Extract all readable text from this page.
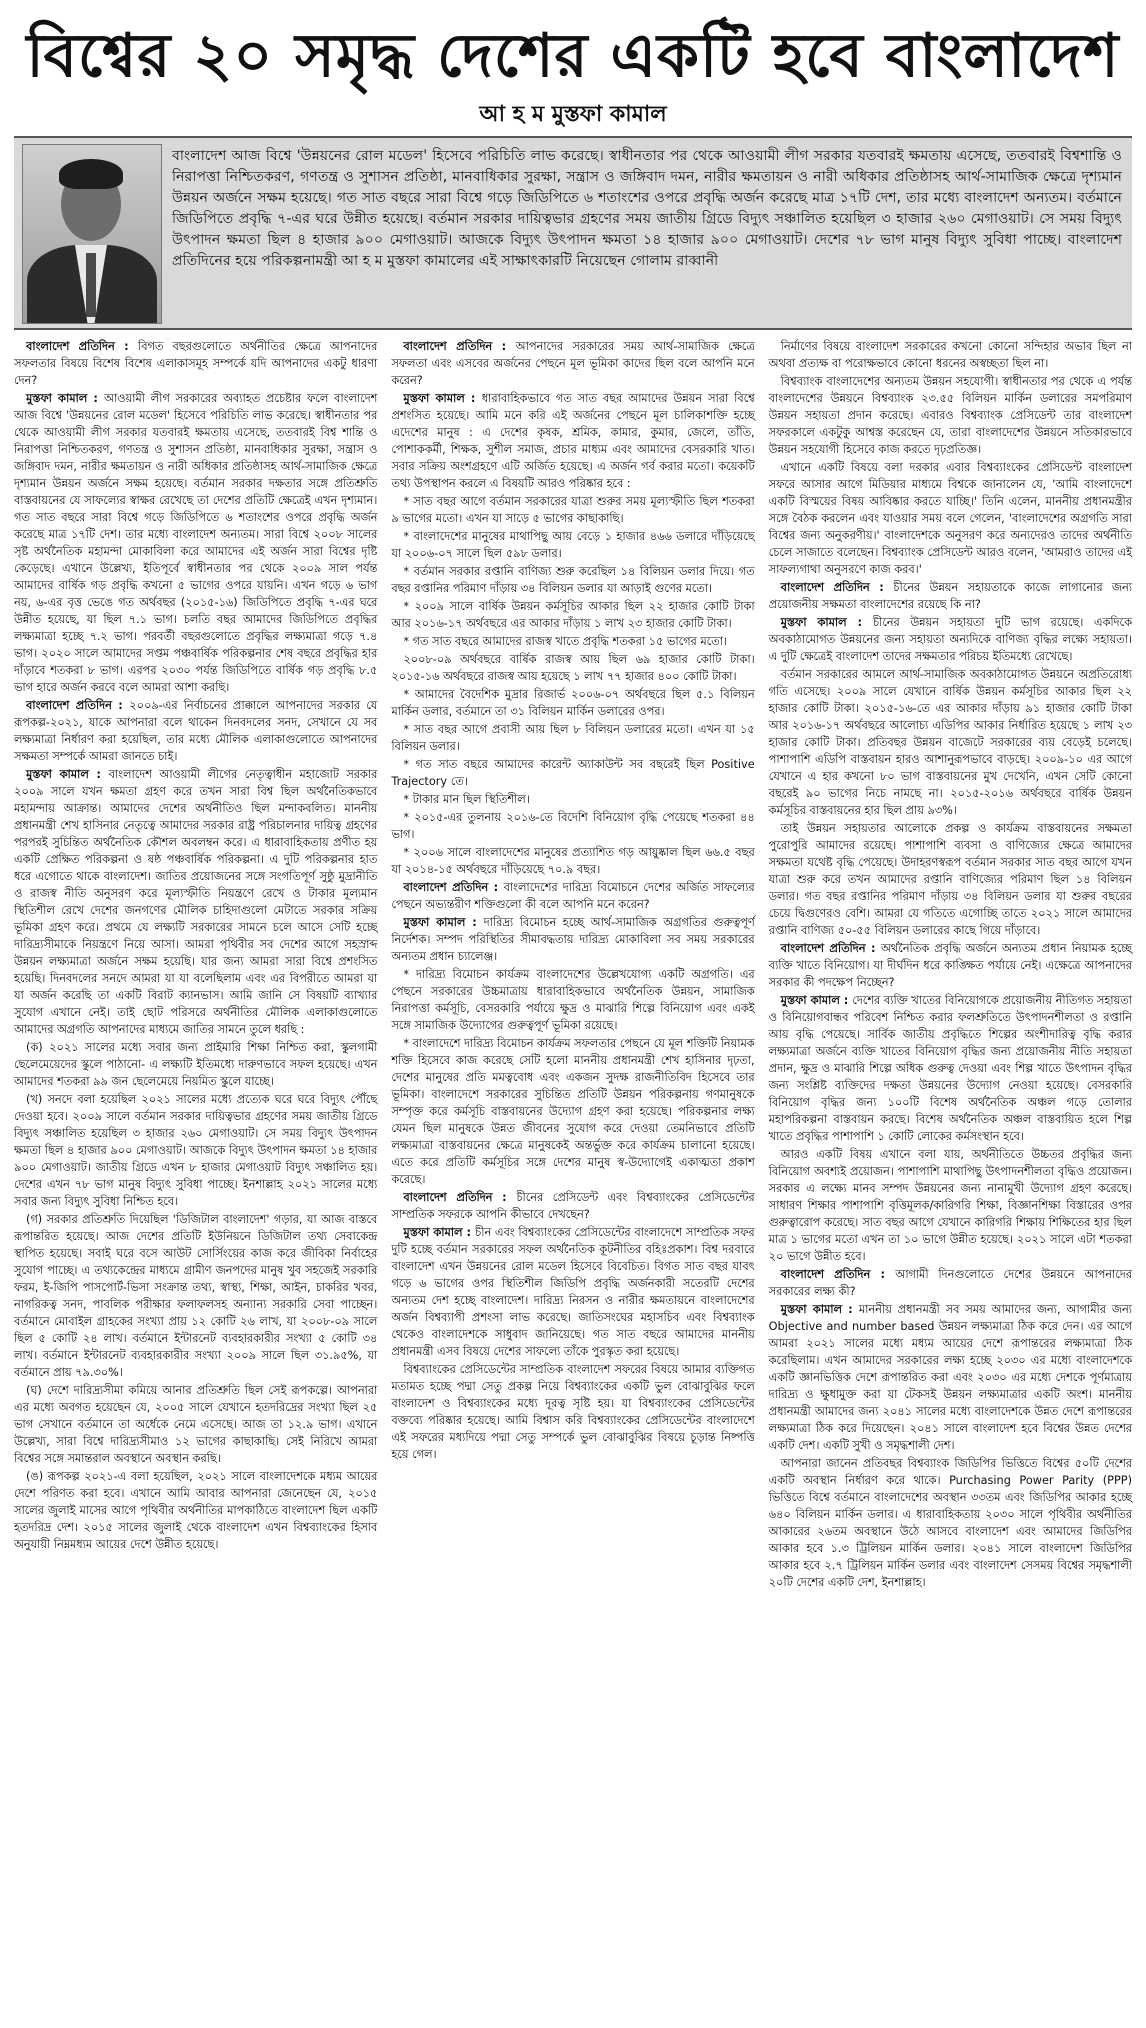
বিশ্বের ২০ সমৃদ্ধ দেশের একটি হবে বাংলাদেশ
আ হ ম মুস্তফা কামাল
বাংলাদেশ আজ বিশ্বে 'উন্নয়নের রোল মডেল' হিসেবে পরিচিতি লাভ করেছে। স্বাধীনতার পর থেকে আওয়ামী লীগ সরকার যতবারই ক্ষমতায় এসেছে, ততবারই বিশ্বশান্তি ও নিরাপত্তা নিশ্চিতকরণ, গণতন্ত্র ও সুশাসন প্রতিষ্ঠা, মানবাধিকার সুরক্ষা, সন্ত্রাস ও জঙ্গিবাদ দমন, নারীর ক্ষমতায়ন ও নারী অধিকার প্রতিষ্ঠাসহ আর্থ-সামাজিক ক্ষেত্রে দৃশ্যমান উন্নয়ন অর্জনে সক্ষম হয়েছে। গত সাত বছরে সারা বিশ্বে গড়ে জিডিপিতে ৬ শতাংশের ওপরে প্রবৃদ্ধি অর্জন করেছে মাত্র ১৭টি দেশ, তার মধ্যে বাংলাদেশ অন্যতম। বর্তমানে জিডিপিতে প্রবৃদ্ধি ৭-এর ঘরে উন্নীত হয়েছে। বর্তমান সরকার দায়িত্বভার গ্রহণের সময় জাতীয় গ্রিডে বিদ্যুৎ সঞ্চালিত হয়েছিল ৩ হাজার ২৬০ মেগাওয়াট। সে সময় বিদ্যুৎ উৎপাদন ক্ষমতা ছিল ৪ হাজার ৯০০ মেগাওয়াট। আজকে বিদ্যুৎ উৎপাদন ক্ষমতা ১৪ হাজার ৯০০ মেগাওয়াট। দেশের ৭৮ ভাগ মানুষ বিদ্যুৎ সুবিধা পাচ্ছে। বাংলাদেশ প্রতিদিনের হয়ে পরিকল্পনামন্ত্রী আ হ ম মুস্তফা কামালের এই সাক্ষাৎকারটি নিয়েছেন গোলাম রাব্বানী

বাংলাদেশ প্রতিদিন : বিগত বছরগুলোতে অর্থনীতির ক্ষেত্রে আপনাদের সফলতার বিষয়ে বিশেষ বিশেষ এলাকাসমূহ সম্পর্কে যদি আপনাদের একটু ধারণা দেন?

মুস্তফা কামাল : আওয়ামী লীগ সরকারের অব্যাহত প্রচেষ্টার ফলে বাংলাদেশ আজ বিশ্বে 'উন্নয়নের রোল মডেল' হিসেবে পরিচিতি লাভ করেছে। স্বাধীনতার পর থেকে আওয়ামী লীগ সরকার যতবারই ক্ষমতায় এসেছে, ততবারই বিশ্ব শান্তি ও নিরাপত্তা নিশ্চিতকরণ, গণতন্ত্র ও সুশাসন প্রতিষ্ঠা, মানবাধিকার সুরক্ষা, সন্ত্রাস ও জঙ্গিবাদ দমন, নারীর ক্ষমতায়ন ও নারী অধিকার প্রতিষ্ঠাসহ আর্থ-সামাজিক ক্ষেত্রে দৃশ্যমান উন্নয়ন অর্জনে সক্ষম হয়েছে। বর্তমান সরকার দক্ষতার সঙ্গে প্রতিশ্রুতি বাস্তবায়নের যে সাফল্যের স্বাক্ষর রেখেছে তা দেশের প্রতিটি ক্ষেত্রেই এখন দৃশ্যমান। গত সাত বছরে সারা বিশ্বে গড়ে জিডিপিতে ৬ শতাংশের ওপরে প্রবৃদ্ধি অর্জন করেছে মাত্র ১৭টি দেশ। তার মধ্যে বাংলাদেশ অন্যতম। সারা বিশ্বে ২০০৮ সালের সৃষ্ট অর্থনৈতিক মহামন্দা মোকাবিলা করে আমাদের এই অর্জন সারা বিশ্বের দৃষ্টি কেড়েছে। এখানে উল্লেখ্য, ইতিপূর্বে স্বাধীনতার পর থেকে ২০০৯ সাল পর্যন্ত আমাদের বার্ষিক গড় প্রবৃদ্ধি কখনো ৫ ভাগের ওপরে যায়নি। এখন গড়ে ৬ ভাগ নয়, ৬-এর বৃত্ত ভেঙে গত অর্থবছর (২০১৫-১৬) জিডিপিতে প্রবৃদ্ধি ৭-এর ঘরে উন্নীত হয়েছে, যা ছিল ৭.১ ভাগ। চলতি বছর আমাদের জিডিপিতে প্রবৃদ্ধির লক্ষ্যমাত্রা হচ্ছে ৭.২ ভাগ। পরবর্তী বছরগুলোতে প্রবৃদ্ধির লক্ষ্যমাত্রা গড়ে ৭.৪ ভাগ। ২০২০ সালে আমাদের সপ্তম পঞ্চবার্ষিক পরিকল্পনার শেষ বছরে প্রবৃদ্ধির হার দাঁড়াবে শতকরা ৮ ভাগ। এরপর ২০৩০ পর্যন্ত জিডিপিতে বার্ষিক গড় প্রবৃদ্ধি ৮.৫ ভাগ হারে অর্জন করবে বলে আমরা আশা করছি।

বাংলাদেশ প্রতিদিন : ২০০৯-এর নির্বাচনের প্রাক্কালে আপনাদের সরকার যে রূপকল্প-২০২১, যাকে আপনারা বলে থাকেন দিনবদলের সনদ, সেখানে যে সব লক্ষ্যমাত্রা নির্ধারণ করা হয়েছিল, তার মধ্যে মৌলিক এলাকাগুলোতে আপনাদের সক্ষমতা সম্পর্কে আমরা জানতে চাই।

মুস্তফা কামাল : বাংলাদেশ আওয়ামী লীগের নেতৃত্বাধীন মহাজোট সরকার ২০০৯ সালে যখন ক্ষমতা গ্রহণ করে তখন সারা বিশ্ব ছিল অর্থনৈতিকভাবে মহামন্দায় আক্রান্ত। আমাদের দেশের অর্থনীতিও ছিল মন্দাকবলিত। মাননীয় প্রধানমন্ত্রী শেখ হাসিনার নেতৃত্বে আমাদের সরকার রাষ্ট্র পরিচালনার দায়িত্ব গ্রহণের পরপরই সুচিন্তিত অর্থনৈতিক কৌশল অবলম্বন করে। এ ধারাবাহিকতায় প্রণীত হয় একটি প্রেক্ষিত পরিকল্পনা ও ষষ্ঠ পঞ্চবার্ষিক পরিকল্পনা। এ দুটি পরিকল্পনার হাত ধরে এগোতে থাকে বাংলাদেশ। জাতির প্রয়োজনের সঙ্গে সংগতিপূর্ণ সুষ্ঠু মুদ্রানীতি ও রাজস্ব নীতি অনুসরণ করে মূল্যস্ফীতি নিয়ন্ত্রণে রেখে ও টাকার মূল্যমান স্থিতিশীল রেখে দেশের জনগণের মৌলিক চাহিদাগুলো মেটাতে সরকার সক্রিয় ভূমিকা গ্রহণ করে। প্রথমে যে লক্ষ্যটি সরকারের সামনে চলে আসে সেটি হচ্ছে দারিদ্র্যসীমাকে নিয়ন্ত্রণে নিয়ে আসা। আমরা পৃথিবীর সব দেশের আগে সহস্রাব্দ উন্নয়ন লক্ষ্যমাত্রা অর্জনে সক্ষম হয়েছি। যার জন্য আমরা সারা বিশ্বে প্রশংসিত হয়েছি। দিনবদলের সনদে আমরা যা যা বলেছিলাম এবং এর বিপরীতে আমরা যা যা অর্জন করেছি তা একটি বিরাট ক্যানভাস। আমি জানি সে বিষয়টি ব্যাখ্যার সুযোগ এখানে নেই। তাই ছোট পরিসরে অর্থনীতির মৌলিক এলাকাগুলোতে আমাদের অগ্রগতি আপনাদের মাধ্যমে জাতির সামনে তুলে ধরছি :

(ক) ২০২১ সালের মধ্যে সবার জন্য প্রাইমারি শিক্ষা নিশ্চিত করা, স্কুলগামী ছেলেমেয়েদের স্কুলে পাঠানো- এ লক্ষ্যটি ইতিমধ্যে দারুণভাবে সফল হয়েছে। এখন আমাদের শতকরা ৯৯ জন ছেলেমেয়ে নিয়মিত স্কুলে যাচ্ছে।

(খ) সনদে বলা হয়েছিল ২০২১ সালের মধ্যে প্রত্যেক ঘরে ঘরে বিদ্যুৎ পৌঁছে দেওয়া হবে। ২০০৯ সালে বর্তমান সরকার দায়িত্বভার গ্রহণের সময় জাতীয় গ্রিডে বিদ্যুৎ সঞ্চালিত হয়েছিল ৩ হাজার ২৬০ মেগাওয়াট। সে সময় বিদ্যুৎ উৎপাদন ক্ষমতা ছিল ৪ হাজার ৯০০ মেগাওয়াট। আজকে বিদ্যুৎ উৎপাদন ক্ষমতা ১৪ হাজার ৯০০ মেগাওয়াট। জাতীয় গ্রিডে এখন ৮ হাজার মেগাওয়াট বিদ্যুৎ সঞ্চালিত হয়। দেশের এখন ৭৮ ভাগ মানুষ বিদ্যুৎ সুবিধা পাচ্ছে। ইনশাল্লাহ ২০২১ সালের মধ্যে সবার জন্য বিদ্যুৎ সুবিধা নিশ্চিত হবে।

(গ) সরকার প্রতিশ্রুতি দিয়েছিল 'ডিজিটাল বাংলাদেশ' গড়ার, যা আজ বাস্তবে রূপান্তরিত হয়েছে। আজ দেশের প্রতিটি ইউনিয়নে ডিজিটাল তথ্য সেবাকেন্দ্র স্থাপিত হয়েছে। সবাই ঘরে বসে আউট সোর্সিংয়ের কাজ করে জীবিকা নির্বাহের সুযোগ পাচ্ছে। এ তথ্যকেন্দ্রের মাধ্যমে গ্রামীণ জনপদের মানুষ খুব সহজেই সরকারি ফরম, ই-জিপি পাসপোর্ট-ভিসা সংক্রান্ত তথ্য, স্বাস্থ্য, শিক্ষা, আইন, চাকরির খবর, নাগরিকত্ব সনদ, পাবলিক পরীক্ষার ফলাফলসহ অন্যান্য সরকারি সেবা পাচ্ছেন। বর্তমানে মোবাইল গ্রাহকের সংখ্যা প্রায় ১২ কোটি ২৬ লাখ, যা ২০০৮-০৯ সালে ছিল ৫ কোটি ২৪ লাখ। বর্তমানে ইন্টারনেট ব্যবহারকারীর সংখ্যা ৫ কোটি ৩৪ লাখ। বর্তমানে ইন্টারনেট ব্যবহারকারীর সংখ্যা ২০০৯ সালে ছিল ৩১.৯৫%, যা বর্তমানে প্রায় ৭৯.৩০%।

(ঘ) দেশে দারিদ্র্যসীমা কমিয়ে আনার প্রতিশ্রুতি ছিল সেই রূপকল্পে। আপনারা এর মধ্যে অবগত হয়েছেন যে, ২০০৫ সালে যেখানে হতদরিদ্রের সংখ্যা ছিল ২৫ ভাগ সেখানে বর্তমানে তা অর্ধেকে নেমে এসেছে। আজ তা ১২.৯ ভাগ। এখানে উল্লেখ্য, সারা বিশ্বে দারিদ্র্যসীমাও ১২ ভাগের কাছাকাছি। সেই নিরিখে আমরা বিশ্বের সঙ্গে সমান্তরাল অবস্থানে অবস্থান করছি।

(ঙ) রূপকল্প ২০২১-এ বলা হয়েছিল, ২০২১ সালে বাংলাদেশকে মধ্যম আয়ের দেশে পরিণত করা হবে। এখানে আমি আবার আপনারা জেনেছেন যে, ২০১৫ সালের জুলাই মাসের আগে পৃথিবীর অর্থনীতির মাপকাঠিতে বাংলাদেশ ছিল একটি হতদরিদ্র দেশ। ২০১৫ সালের জুলাই থেকে বাংলাদেশ এখন বিশ্বব্যাংকের হিসাব অনুযায়ী নিম্নমধ্যম আয়ের দেশে উন্নীত হয়েছে।

বাংলাদেশ প্রতিদিন : আপনাদের সরকারের সময় আর্থ-সামাজিক ক্ষেত্রে সফলতা এবং এসবের অর্জনের পেছনে মূল ভূমিকা কাদের ছিল বলে আপনি মনে করেন?

মুস্তফা কামাল : ধারাবাহিকভাবে গত সাত বছর আমাদের উন্নয়ন সারা বিশ্বে প্রশংসিত হয়েছে। আমি মনে করি এই অর্জনের পেছনে মূল চালিকাশক্তি হচ্ছে এদেশের মানুষ : এ দেশের কৃষক, শ্রমিক, কামার, কুমার, জেলে, তাঁতি, পোশাককর্মী, শিক্ষক, সুশীল সমাজ, প্রচার মাধ্যম এবং আমাদের বেসরকারি খাত। সবার সক্রিয় অংশগ্রহণে এটি অর্জিত হয়েছে। এ অর্জন গর্ব করার মতো। কয়েকটি তথ্য উপস্থাপন করলে এ বিষয়টি আরও পরিষ্কার হবে :

* সাত বছর আগে বর্তমান সরকারের যাত্রা শুরুর সময় মূল্যস্ফীতি ছিল শতকরা ৯ ভাগের মতো। এখন যা সাড়ে ৫ ভাগের কাছাকাছি।

* বাংলাদেশের মানুষের মাথাপিছু আয় বেড়ে ১ হাজার ৪৬৬ ডলারে দাঁড়িয়েছে যা ২০০৬-০৭ সালে ছিল ৫৯৮ ডলার।

* বর্তমান সরকার রপ্তানি বাণিজ্য শুরু করেছিল ১৪ বিলিয়ন ডলার দিয়ে। গত বছর রপ্তানির পরিমাণ দাঁড়ায় ৩৪ বিলিয়ন ডলার যা আড়াই গুণের মতো।

* ২০০৯ সালে বার্ষিক উন্নয়ন কর্মসূচির আকার ছিল ২২ হাজার কোটি টাকা আর ২০১৬-১৭ অর্থবছরে এর আকার দাঁড়ায় ১ লাখ ২৩ হাজার কোটি টাকা।

* গত সাত বছরে আমাদের রাজস্ব খাতে প্রবৃদ্ধি শতকরা ১৫ ভাগের মতো।

২০০৮-০৯ অর্থবছরে বার্ষিক রাজস্ব আয় ছিল ৬৯ হাজার কোটি টাকা। ২০১৫-১৬ অর্থবছরে রাজস্ব আয় হয়েছে ১ লাখ ৭৭ হাজার ৪০০ কোটি টাকা।

* আমাদের বৈদেশিক মুদ্রার রিজার্ভ ২০০৬-০৭ অর্থবছরে ছিল ৫.১ বিলিয়ন মার্কিন ডলার, বর্তমানে তা ৩১ বিলিয়ন মার্কিন ডলারের ওপর।

* সাত বছর আগে প্রবাসী আয় ছিল ৮ বিলিয়ন ডলারের মতো। এখন যা ১৫ বিলিয়ন ডলার।

* গত সাত বছরে আমাদের কারেন্ট অ্যাকাউন্ট সব বছরেই ছিল Positive Trajectory তে।

* টাকার মান ছিল স্থিতিশীল।

* ২০১৫-এর তুলনায় ২০১৬-তে বিদেশি বিনিয়োগ বৃদ্ধি পেয়েছে শতকরা ৪৪ ভাগ।

* ২০০৬ সালে বাংলাদেশের মানুষের প্রত্যাশিত গড় আয়ুষ্কাল ছিল ৬৬.৫ বছর যা ২০১৪-১৫ অর্থবছরে দাঁড়িয়েছে ৭০.৯ বছর।

বাংলাদেশ প্রতিদিন : বাংলাদেশের দারিদ্র্য বিমোচনে দেশের অর্জিত সাফল্যের পেছনে অভ্যন্তরীণ শক্তিগুলো কী বলে আপনি মনে করেন?

মুস্তফা কামাল : দারিদ্র্য বিমোচন হচ্ছে আর্থ-সামাজিক অগ্রগতির গুরুত্বপূর্ণ নির্দেশক। সম্পদ পরিস্থিতির সীমাবদ্ধতায় দারিদ্র্য মোকাবিলা সব সময় সরকারের অন্যতম প্রধান চ্যালেঞ্জ।

* দারিদ্র্য বিমোচন কার্যক্রম বাংলাদেশের উল্লেখযোগ্য একটি অগ্রগতি। এর পেছনে সরকারের উচ্চমাত্রায় ধারাবাহিকভাবে অর্থনৈতিক উন্নয়ন, সামাজিক নিরাপত্তা কর্মসূচি, বেসরকারি পর্যায়ে ক্ষুদ্র ও মাঝারি শিল্পে বিনিয়োগ এবং একই সঙ্গে সামাজিক উদ্যোগের গুরুত্বপূর্ণ ভূমিকা রয়েছে।

* বাংলাদেশে দারিদ্র্য বিমোচন কার্যক্রম সফলতার পেছনে যে মূল শক্তিটি নিয়ামক শক্তি হিসেবে কাজ করেছে সেটি হলো মাননীয় প্রধানমন্ত্রী শেখ হাসিনার দৃঢ়তা, দেশের মানুষের প্রতি মমত্ববোধ এবং একজন সুদক্ষ রাজনীতিবিদ হিসেবে তার ভূমিকা। বাংলাদেশে সরকারের সুচিন্তিত প্রতিটি উন্নয়ন পরিকল্পনায় গণমানুষকে সম্পৃক্ত করে কর্মসূচি বাস্তবায়নের উদ্যোগ গ্রহণ করা হয়েছে। পরিকল্পনার লক্ষ্য যেমন ছিল মানুষকে উন্নত জীবনের সুযোগ করে দেওয়া তেমনিভাবে প্রতিটি লক্ষ্যমাত্রা বাস্তবায়নের ক্ষেত্রে মানুষকেই অন্তর্ভুক্ত করে কার্যক্রম চালানো হয়েছে। এতে করে প্রতিটি কর্মসূচির সঙ্গে দেশের মানুষ স্ব-উদ্যোগেই একাত্মতা প্রকাশ করেছে।

বাংলাদেশ প্রতিদিন : চীনের প্রেসিডেন্ট এবং বিশ্বব্যাংকের প্রেসিডেন্টের সাম্প্রতিক সফরকে আপনি কীভাবে দেখছেন?

মুস্তফা কামাল : চীন এবং বিশ্বব্যাংকের প্রেসিডেন্টের বাংলাদেশে সাম্প্রতিক সফর দুটি হচ্ছে বর্তমান সরকারের সফল অর্থনৈতিক কূটনীতির বহিঃপ্রকাশ। বিশ্ব দরবারে বাংলাদেশ এখন উন্নয়নের রোল মডেল হিসেবে বিবেচিত। বিগত সাত বছর যাবৎ গড়ে ৬ ভাগের ওপর স্থিতিশীল জিডিপি প্রবৃদ্ধি অর্জনকারী সতেরটি দেশের অন্যতম দেশ হচ্ছে বাংলাদেশ। দারিদ্র্য নিরসন ও নারীর ক্ষমতায়নে বাংলাদেশের অর্জন বিশ্বব্যাপী প্রশংসা লাভ করেছে। জাতিসংঘের মহাসচিব এবং বিশ্বব্যাংক থেকেও বাংলাদেশকে সাধুবাদ জানিয়েছে। গত সাত বছরে আমাদের মাননীয় প্রধানমন্ত্রী এসব বিষয়ে দেশের সাফল্যে তাঁকে পুরস্কৃত করা হয়েছে।

বিশ্বব্যাংকের প্রেসিডেন্টের সাম্প্রতিক বাংলাদেশ সফরের বিষয়ে আমার ব্যক্তিগত মতামত হচ্ছে পদ্মা সেতু প্রকল্প নিয়ে বিশ্বব্যাংকের একটি ভুল বোঝাবুঝির ফলে বাংলাদেশ ও বিশ্বব্যাংকের মধ্যে দূরত্ব সৃষ্টি হয়। যা বিশ্বব্যাংকের প্রেসিডেন্টের বক্তব্যে পরিষ্কার হয়েছে। আমি বিশ্বাস করি বিশ্বব্যাংকের প্রেসিডেন্টের বাংলাদেশে এই সফরের মধ্যদিয়ে পদ্মা সেতু সম্পর্কে ভুল বোঝাবুঝির বিষয়ে চূড়ান্ত নিষ্পত্তি হয়ে গেল।

নির্মাণের বিষয়ে বাংলাদেশ সরকারের কখনো কোনো সন্দিহার অভাব ছিল না অথবা প্রত্যক্ষ বা পরোক্ষভাবে কোনো ধরনের অস্বচ্ছতা ছিল না।

বিশ্বব্যাংক বাংলাদেশের অন্যতম উন্নয়ন সহযোগী। স্বাধীনতার পর থেকে এ পর্যন্ত বাংলাদেশের উন্নয়নে বিশ্বব্যাংক ২৩.৫৫ বিলিয়ন মার্কিন ডলারের সমপরিমাণ উন্নয়ন সহায়তা প্রদান করেছে। এবারও বিশ্বব্যাংক প্রেসিডেন্ট তার বাংলাদেশ সফরকালে একটুকু আশ্বস্ত করেছেন যে, তারা বাংলাদেশের উন্নয়নে সতিকারভাবে উন্নয়ন সহযোগী হিসেবে কাজ করতে দৃঢ়প্রতিজ্ঞ।

এখানে একটি বিষয়ে বলা দরকার এবার বিশ্বব্যাংকের প্রেসিডেন্ট বাংলাদেশ সফরে আসার আগে মিডিয়ার মাধ্যমে বিশ্বকে জানালেন যে, 'আমি বাংলাদেশে একটি বিস্ময়ের বিষয় আবিষ্কার করতে যাচ্ছি।' তিনি এলেন, মাননীয় প্রধানমন্ত্রীর সঙ্গে বৈঠক করলেন এবং যাওয়ার সময় বলে গেলেন, 'বাংলাদেশের অগ্রগতি সারা বিশ্বের জন্য অনুকরণীয়।' বাংলাদেশকে অনুসরণ করে অন্যদেরও তাদের অর্থনীতি চেলে সাজাতে বলেছেন। বিশ্বব্যাংক প্রেসিডেন্ট আরও বলেন, 'আমরাও তাদের এই সাফল্যগাথা অনুসরণে কাজ করব।'

বাংলাদেশ প্রতিদিন : চীনের উন্নয়ন সহায়তাকে কাজে লাগানোর জন্য প্রয়োজনীয় সক্ষমতা বাংলাদেশের রয়েছে কি না?

মুস্তফা কামাল : চীনের উন্নয়ন সহায়তা দুটি ভাগ রয়েছে। একদিকে অবকাঠামোগত উন্নয়নের জন্য সহায়তা অন্যদিকে বাণিজ্য বৃদ্ধির লক্ষ্যে সহায়তা। এ দুটি ক্ষেত্রেই বাংলাদেশ তাদের সক্ষমতার পরিচয় ইতিমধ্যে রেখেছে।

বর্তমান সরকারের আমলে আর্থ-সামাজিক অবকাঠামোগত উন্নয়নে অপ্রতিরোধ্য গতি এসেছে। ২০০৯ সালে যেখানে বার্ষিক উন্নয়ন কর্মসূচির আকার ছিল ২২ হাজার কোটি টাকা। ২০১৫-১৬-তে এর আকার দাঁড়ায় ৯১ হাজার কোটি টাকা আর ২০১৬-১৭ অর্থবছরে আলোচ্য এডিপির আকার নির্ধারিত হয়েছে ১ লাখ ২৩ হাজার কোটি টাকা। প্রতিবছর উন্নয়ন বাজেটে সরকারের ব্যয় বেড়েই চলেছে। পাশাপাশি এডিপি বাস্তবায়ন হারও আশানুরূপভাবে বাড়ছে। ২০০৯-১০ এর আগে যেখানে এ হার কখনো ৮০ ভাগ বাস্তবায়নের মুখ দেখেনি, এখন সেটি কোনো বছরেই ৯০ ভাগের নিচে নামছে না। ২০১৫-২০১৬ অর্থবছরে বার্ষিক উন্নয়ন কর্মসূচির বাস্তবায়নের হার ছিল প্রায় ৯৩%।

তাই উন্নয়ন সহায়তার আলোকে প্রকল্প ও কার্যক্রম বাস্তবায়নের সক্ষমতা পুরোপুরি আমাদের রয়েছে। পাশাপাশি ব্যবসা ও বাণিজ্যের ক্ষেত্রে আমাদের সক্ষমতা যথেষ্ট বৃদ্ধি পেয়েছে। উদাহরণস্বরূপ বর্তমান সরকার সাত বছর আগে যখন যাত্রা শুরু করে তখন আমাদের রপ্তানি বাণিজ্যের পরিমাণ ছিল ১৪ বিলিয়ন ডলার। গত বছর রপ্তানির পরিমাণ দাঁড়ায় ৩৪ বিলিয়ন ডলার যা শুরুর বছরের চেয়ে দ্বিগুণেরও বেশি। আমরা যে গতিতে এগোচ্ছি তাতে ২০২১ সালে আমাদের রপ্তানি বাণিজ্য ৫০-৫৫ বিলিয়ন ডলারের কাছে গিয়ে দাঁড়াবে।

বাংলাদেশ প্রতিদিন : অর্থনৈতিক প্রবৃদ্ধি অর্জনে অন্যতম প্রধান নিয়ামক হচ্ছে ব্যক্তি খাতে বিনিয়োগ। যা দীর্ঘদিন ধরে কাঙ্ক্ষিত পর্যায়ে নেই। এক্ষেত্রে আপনাদের সরকার কী পদক্ষেপ নিচ্ছেন?

মুস্তফা কামাল : দেশের ব্যক্তি খাতের বিনিয়োগকে প্রয়োজনীয় নীতিগত সহায়তা ও বিনিয়োগবান্ধব পরিবেশ নিশ্চিত করার ফলশ্রুতিতে উৎপাদনশীলতা ও রপ্তানি আয় বৃদ্ধি পেয়েছে। সার্বিক জাতীয় প্রবৃদ্ধিতে শিল্পের অংশীদারিত্ব বৃদ্ধি করার লক্ষ্যমাত্রা অর্জনে ব্যক্তি খাতের বিনিয়োগ বৃদ্ধির জন্য প্রয়োজনীয় নীতি সহায়তা প্রদান, ক্ষুদ্র ও মাঝারি শিল্পে অধিক গুরুত্ব দেওয়া এবং শিল্প খাতে উৎপাদন বৃদ্ধির জন্য সংশ্লিষ্ট ব্যক্তিদের দক্ষতা উন্নয়নের উদ্যোগ নেওয়া হয়েছে। বেসরকারি বিনিয়োগ বৃদ্ধির জন্য ১০০টি বিশেষ অর্থনৈতিক অঞ্চল গড়ে তোলার মহাপরিকল্পনা বাস্তবায়ন করছে। বিশেষ অর্থনৈতিক অঞ্চল বাস্তবায়িত হলে শিল্প খাতে প্রবৃদ্ধির পাশাপাশি ১ কোটি লোকের কর্মসংস্থান হবে।

আরও একটি বিষয় এখানে বলা যায়, অর্থনীতিতে উচ্চতর প্রবৃদ্ধির জন্য বিনিয়োগ অবশ্যই প্রয়োজন। পাশাপাশি মাথাপিছু উৎপাদনশীলতা বৃদ্ধিও প্রয়োজন। সরকার এ লক্ষ্যে মানব সম্পদ উন্নয়নের জন্য নানামুখী উদ্যোগ গ্রহণ করেছে। সাধারণ শিক্ষার পাশাপাশি বৃত্তিমূলক/কারিগরি শিক্ষা, বিজ্ঞানশিক্ষা বিস্তারের ওপর গুরুত্বারোপ করেছে। সাত বছর আগে যেখানে কারিগরি শিক্ষায় শিক্ষিতের হার ছিল মাত্র ১ ভাগের মতো এখন তা ১০ ভাগে উন্নীত হয়েছে। ২০২১ সালে এটা শতকরা ২০ ভাগে উন্নীত হবে।

বাংলাদেশ প্রতিদিন : আগামী দিনগুলোতে দেশের উন্নয়নে আপনাদের সরকারের লক্ষ্য কী?

মুস্তফা কামাল : মাননীয় প্রধানমন্ত্রী সব সময় আমাদের জন্য, আগামীর জন্য Objective and number based উন্নয়ন লক্ষ্যমাত্রা ঠিক করে দেন। এর আগে আমরা ২০২১ সালের মধ্যে মধ্যম আয়ের দেশে রূপান্তরের লক্ষ্যমাত্রা ঠিক করেছিলাম। এখন আমাদের সরকারের লক্ষ্য হচ্ছে ২০৩০ এর মধ্যে বাংলাদেশকে একটি জ্ঞানভিত্তিক দেশে রূপান্তরিত করা এবং ২০৩০ এর মধ্যে দেশকে পূর্ণমাত্রায় দারিদ্র্য ও ক্ষুধামুক্ত করা যা টেকসই উন্নয়ন লক্ষ্যমাত্রার একটি অংশ। মাননীয় প্রধানমন্ত্রী আমাদের জন্য ২০৪১ সালের মধ্যে বাংলাদেশকে উন্নত দেশে রূপান্তরের লক্ষ্যমাত্রা ঠিক করে দিয়েছেন। ২০৪১ সালে বাংলাদেশ হবে বিশ্বের উন্নত দেশের একটি দেশ। একটি সুখী ও সমৃদ্ধশালী দেশ।

আপনারা জানেন প্রতিবছর বিশ্বব্যাংক জিডিপির ভিত্তিতে বিশ্বের ৫০টি দেশের একটি অবস্থান নির্ধারণ করে থাকে। Purchasing Power Parity (PPP) ভিত্তিতে বিশ্বে বর্তমানে বাংলাদেশের অবস্থান ৩৩তম এবং জিডিপির আকার হচ্ছে ৬৪০ বিলিয়ন মার্কিন ডলার। এ ধারাবাহিকতায় ২০৩০ সালে পৃথিবীর অর্থনীতির আকারের ২৬তম অবস্থানে উঠে আসবে বাংলাদেশ এবং আমাদের জিডিপির আকার হবে ১.৩ ট্রিলিয়ন মার্কিন ডলার। ২০৪১ সালে বাংলাদেশ জিডিপির আকার হবে ২.৭ ট্রিলিয়ন মার্কিন ডলার এবং বাংলাদেশ সেসময় বিশ্বের সমৃদ্ধশালী ২০টি দেশের একটি দেশ, ইনশাল্লাহ।
